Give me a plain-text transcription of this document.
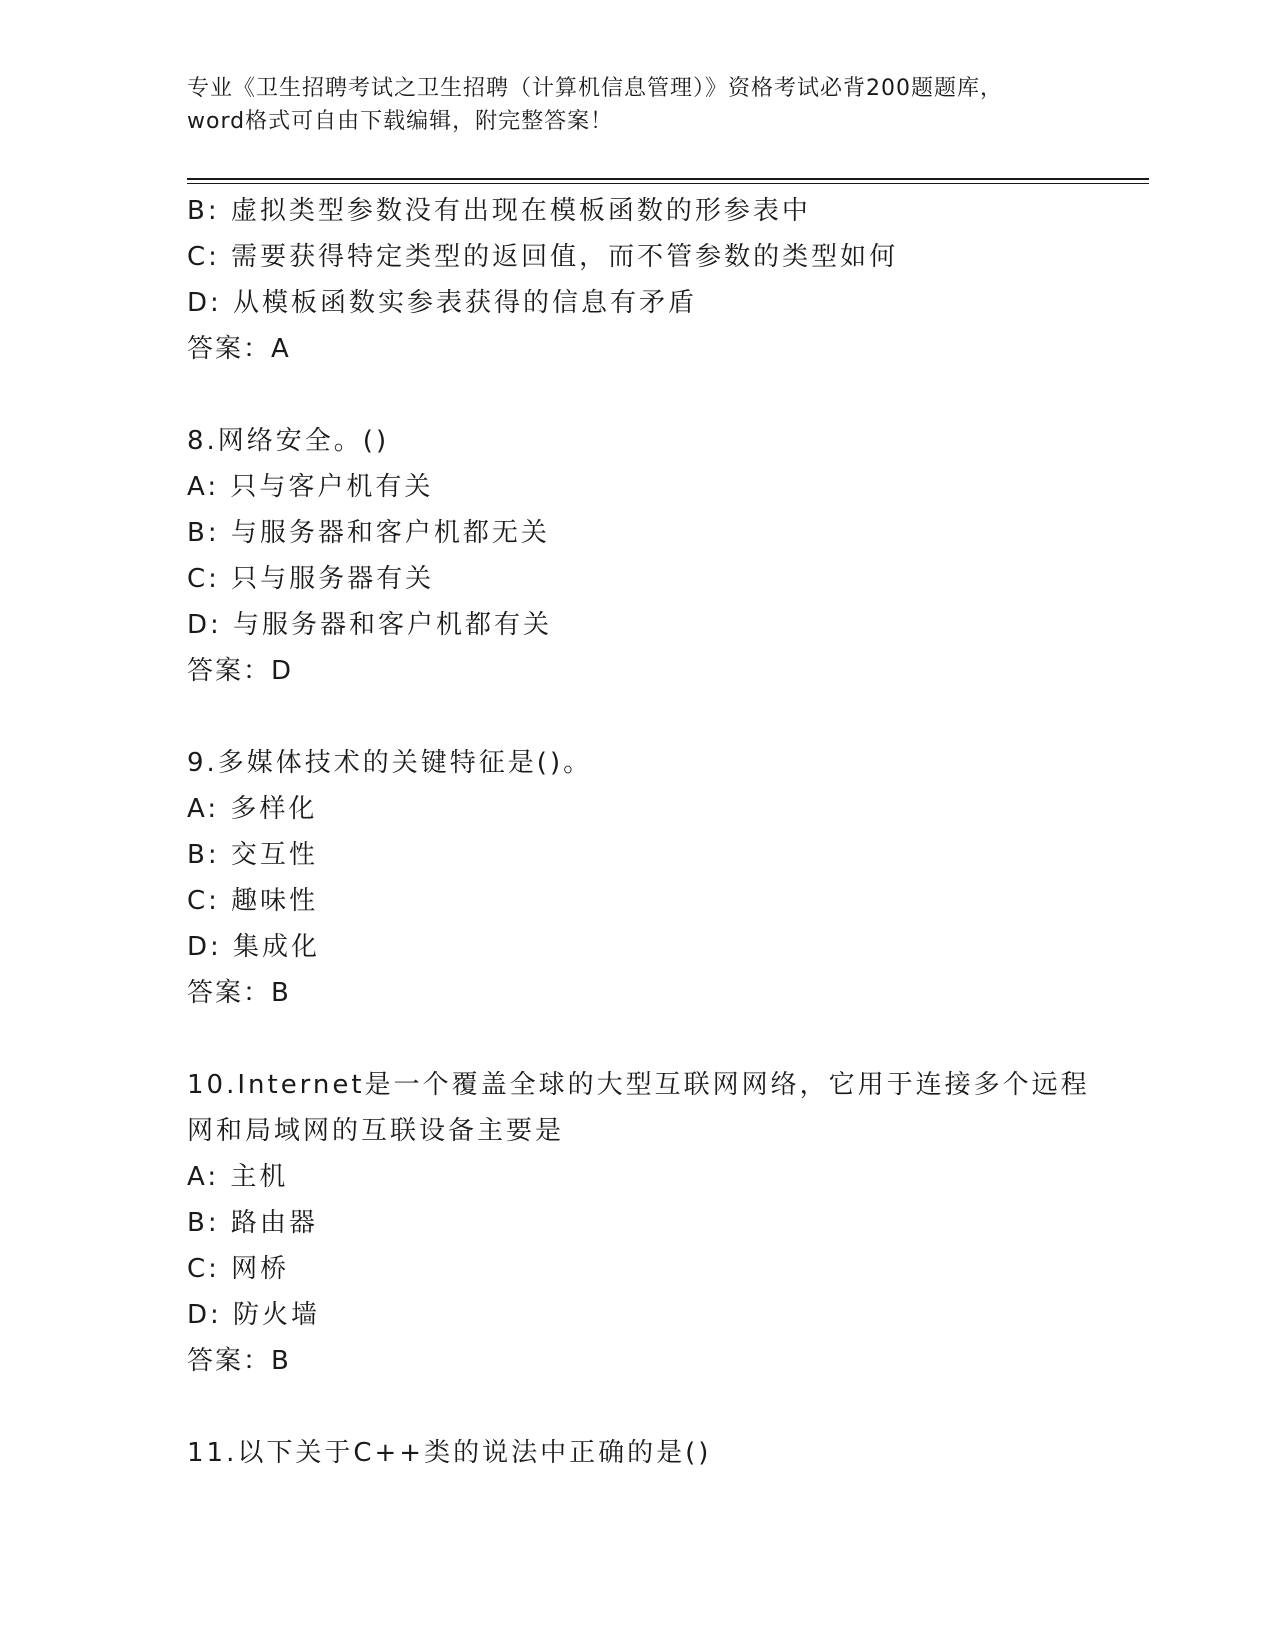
专业《卫生招聘考试之卫生招聘（计算机信息管理）》资格考试必背200题题库，
word格式可自由下载编辑，附完整答案！
B: 虚拟类型参数没有出现在模板函数的形参表中
C: 需要获得特定类型的返回值，而不管参数的类型如何
D: 从模板函数实参表获得的信息有矛盾
答案：A
8.网络安全。()
A: 只与客户机有关
B: 与服务器和客户机都无关
C: 只与服务器有关
D: 与服务器和客户机都有关
答案：D
9.多媒体技术的关键特征是()。
A: 多样化
B: 交互性
C: 趣味性
D: 集成化
答案：B
10.Internet是一个覆盖全球的大型互联网网络，它用于连接多个远程
网和局域网的互联设备主要是
A: 主机
B: 路由器
C: 网桥
D: 防火墙
答案：B
11.以下关于C++类的说法中正确的是()
